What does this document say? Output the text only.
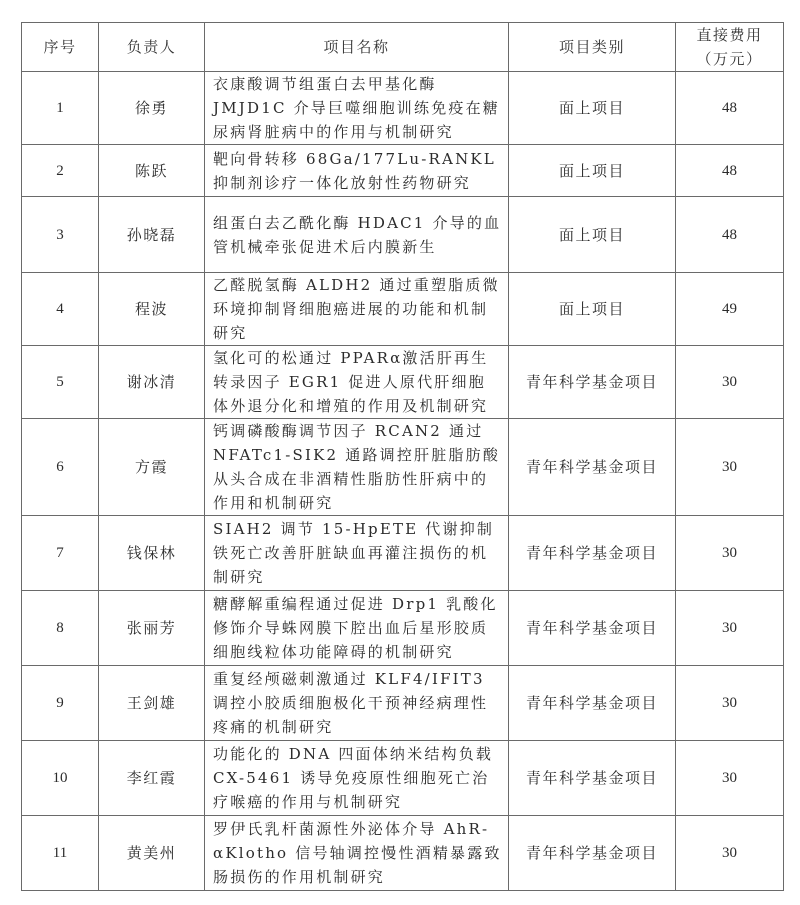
序号	负责人	项目名称	项目类别	直接费用
（万元）

1	徐勇	衣康酸调节组蛋白去甲基化酶 JMJD1C 介导巨噬细胞训练免疫在糖尿病肾脏病中的作用与机制研究	面上项目	48
2	陈跃	靶向骨转移 68Ga/177Lu-RANKL 抑制剂诊疗一体化放射性药物研究	面上项目	48
3	孙晓磊	组蛋白去乙酰化酶 HDAC1 介导的血管机械牵张促进术后内膜新生	面上项目	48
4	程波	乙醛脱氢酶 ALDH2 通过重塑脂质微环境抑制肾细胞癌进展的功能和机制研究	面上项目	49
5	谢冰清	氢化可的松通过 PPARα激活肝再生转录因子 EGR1 促进人原代肝细胞体外退分化和增殖的作用及机制研究	青年科学基金项目	30
6	方霞	钙调磷酸酶调节因子 RCAN2 通过 NFATc1-SIK2 通路调控肝脏脂肪酸从头合成在非酒精性脂肪性肝病中的作用和机制研究	青年科学基金项目	30
7	钱保林	SIAH2 调节 15-HpETE 代谢抑制铁死亡改善肝脏缺血再灌注损伤的机制研究	青年科学基金项目	30
8	张丽芳	糖酵解重编程通过促进 Drp1 乳酸化修饰介导蛛网膜下腔出血后星形胶质细胞线粒体功能障碍的机制研究	青年科学基金项目	30
9	王剑雄	重复经颅磁刺激通过 KLF4/IFIT3 调控小胶质细胞极化干预神经病理性疼痛的机制研究	青年科学基金项目	30
10	李红霞	功能化的 DNA 四面体纳米结构负载 CX-5461 诱导免疫原性细胞死亡治疗喉癌的作用与机制研究	青年科学基金项目	30
11	黄美州	罗伊氏乳杆菌源性外泌体介导 AhR-αKlotho 信号轴调控慢性酒精暴露致肠损伤的作用机制研究	青年科学基金项目	30
